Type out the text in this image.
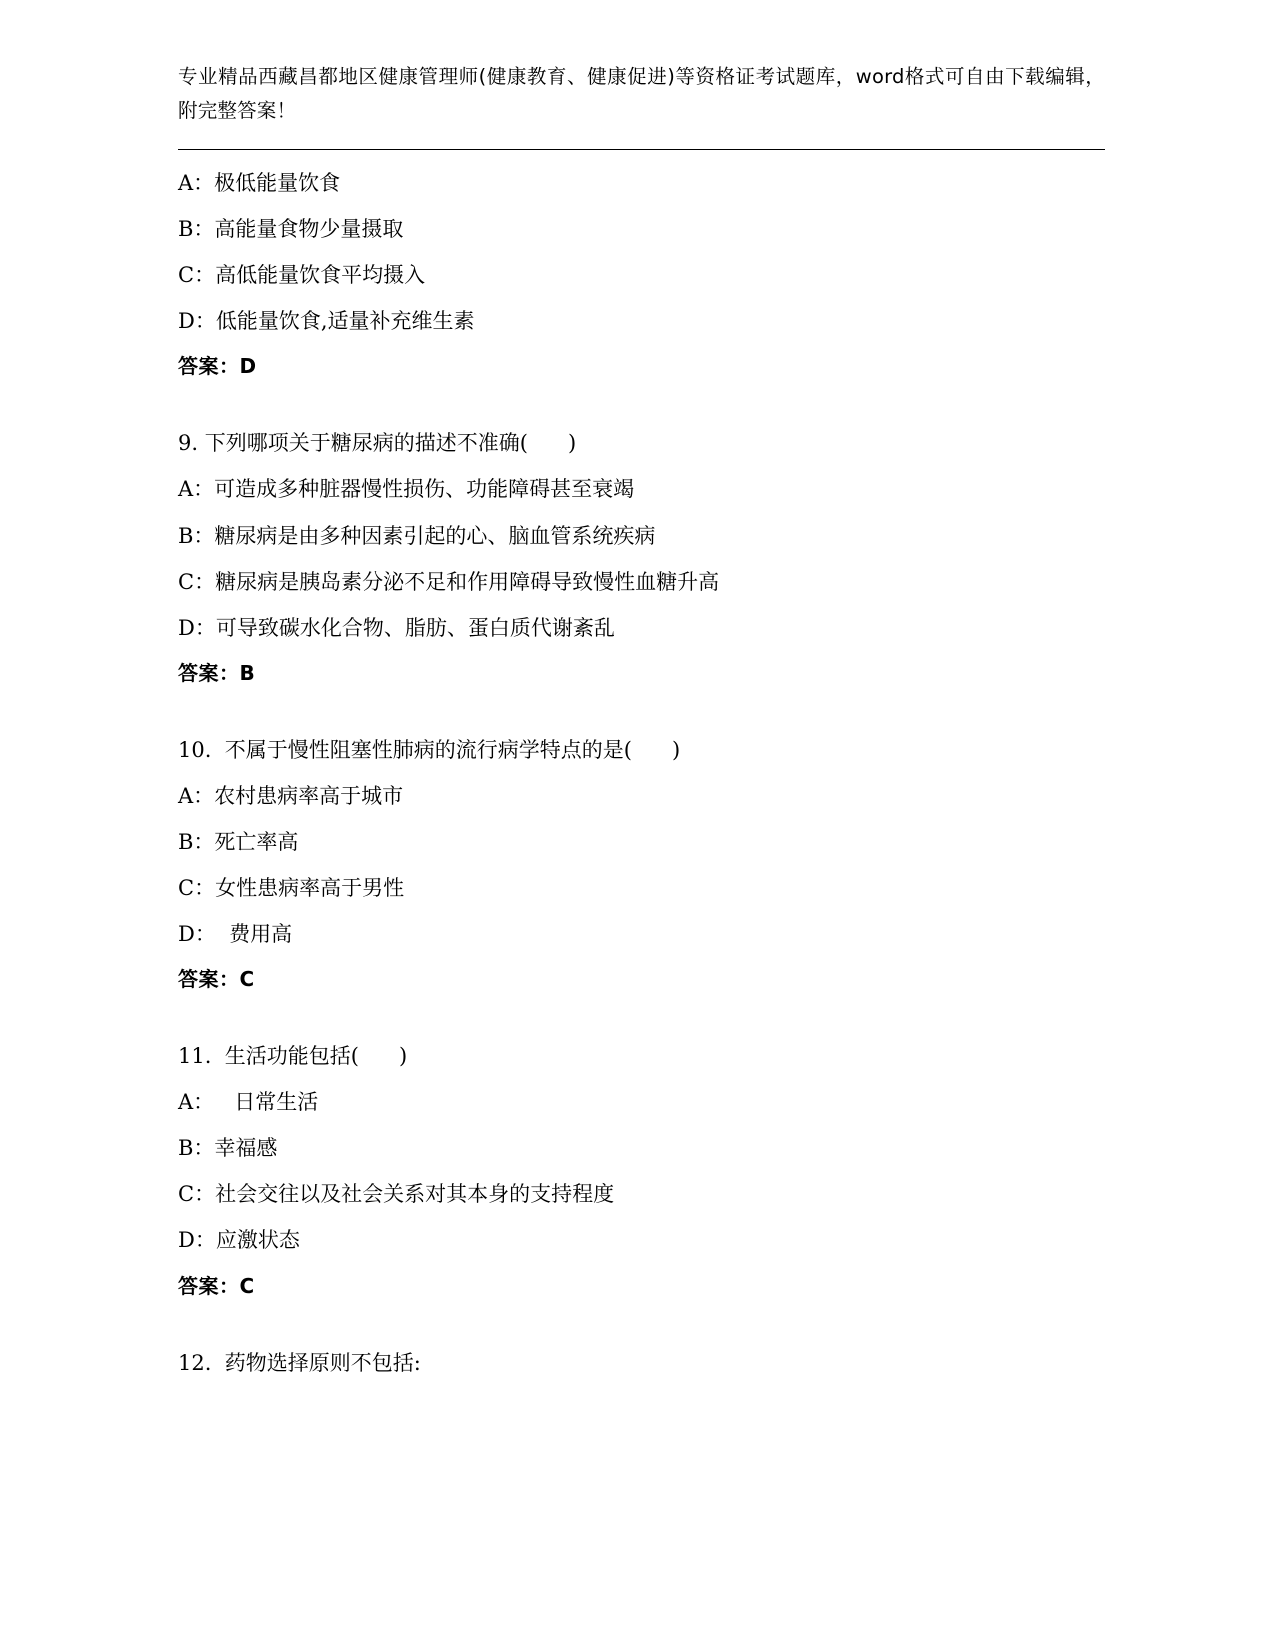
专业精品西藏昌都地区健康管理师(健康教育、健康促进)等资格证考试题库，word格式可自由下载编辑，附完整答案！

A：极低能量饮食
B：高能量食物少量摄取
C：高低能量饮食平均摄入
D：低能量饮食,适量补充维生素
答案：D
9. 下列哪项关于糖尿病的描述不准确(      )
A：可造成多种脏器慢性损伤、功能障碍甚至衰竭
B：糖尿病是由多种因素引起的心、脑血管系统疾病
C：糖尿病是胰岛素分泌不足和作用障碍导致慢性血糖升高
D：可导致碳水化合物、脂肪、蛋白质代谢紊乱
答案：B
10.  不属于慢性阻塞性肺病的流行病学特点的是(      )
A：农村患病率高于城市
B：死亡率高
C：女性患病率高于男性
D：  费用高
答案：C
11.  生活功能包括(      )
A：   日常生活
B：幸福感
C：社会交往以及社会关系对其本身的支持程度
D：应激状态
答案：C
12.  药物选择原则不包括:
